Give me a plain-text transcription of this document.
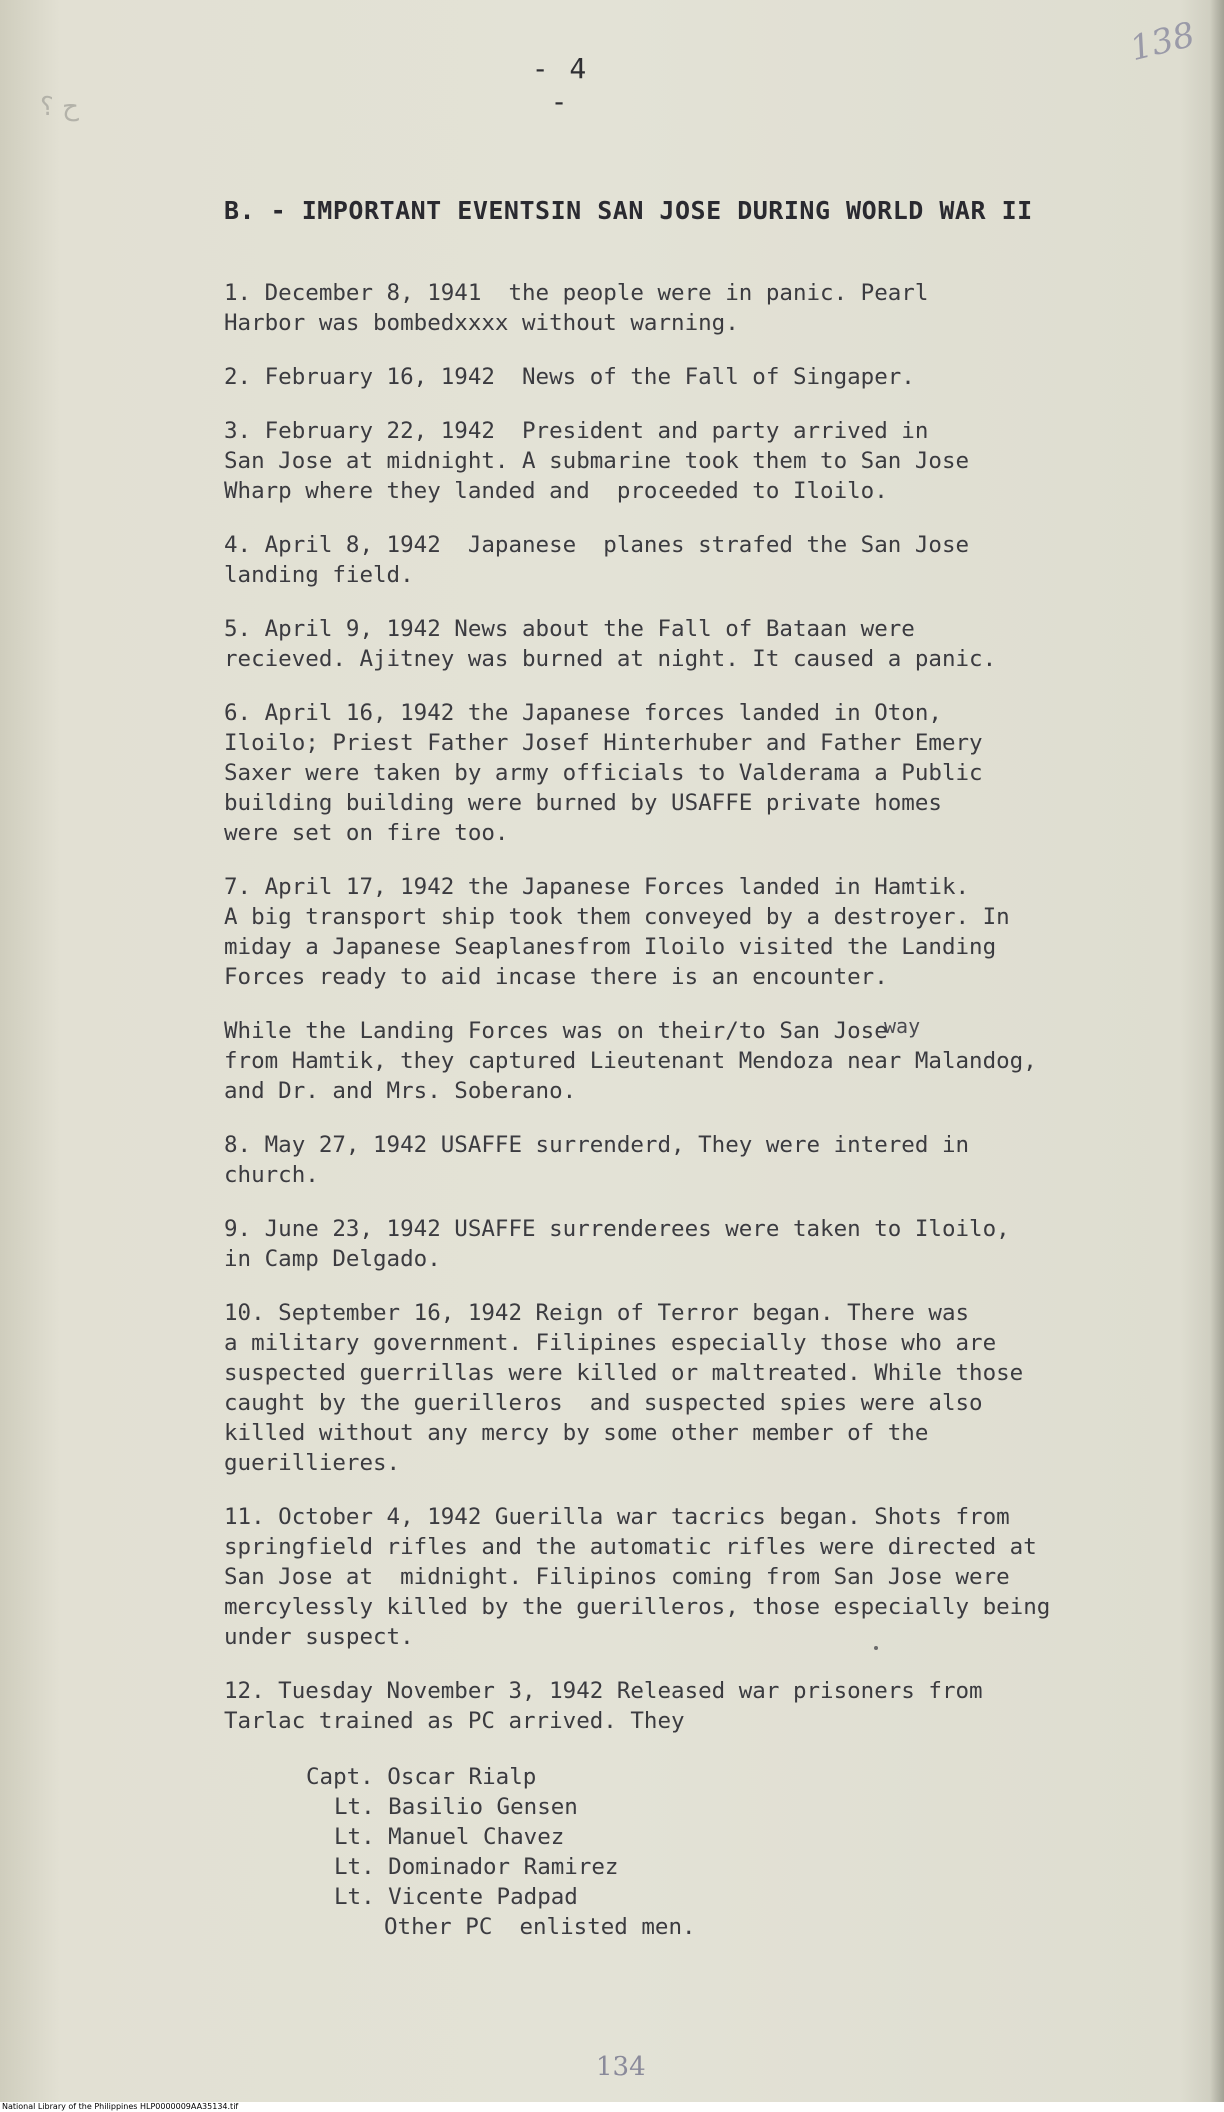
- 4 -
138
ح ؟
B. - IMPORTANT EVENTSIN SAN JOSE DURING WORLD WAR II
1. December 8, 1941  the people were in panic. Pearl
Harbor was bombedxxxx without warning.
2. February 16, 1942  News of the Fall of Singaper.
3. February 22, 1942  President and party arrived in
San Jose at midnight. A submarine took them to San Jose
Wharp where they landed and  proceeded to Iloilo.
4. April 8, 1942  Japanese  planes strafed the San Jose
landing field.
5. April 9, 1942 News about the Fall of Bataan were
recieved. Ajitney was burned at night. It caused a panic.
6. April 16, 1942 the Japanese forces landed in Oton,
Iloilo; Priest Father Josef Hinterhuber and Father Emery
Saxer were taken by army officials to Valderama a Public
building building were burned by USAFFE private homes
were set on fire too.
7. April 17, 1942 the Japanese Forces landed in Hamtik.
A big transport ship took them conveyed by a destroyer. In
miday a Japanese Seaplanesfrom Iloilo visited the Landing
Forces ready to aid incase there is an encounter.
way
While the Landing Forces was on their/to San Jose
from Hamtik, they captured Lieutenant Mendoza near Malandog,
and Dr. and Mrs. Soberano.
8. May 27, 1942 USAFFE surrenderd, They were intered in
church.
9. June 23, 1942 USAFFE surrenderees were taken to Iloilo,
in Camp Delgado.
10. September 16, 1942 Reign of Terror began. There was
a military government. Filipines especially those who are
suspected guerrillas were killed or maltreated. While those
caught by the guerilleros  and suspected spies were also
killed without any mercy by some other member of the
guerillieres.
11. October 4, 1942 Guerilla war tacrics began. Shots from
springfield rifles and the automatic rifles were directed at
San Jose at  midnight. Filipinos coming from San Jose were
mercylessly killed by the guerilleros, those especially being
under suspect.
12. Tuesday November 3, 1942 Released war prisoners from
Tarlac trained as PC arrived. They
Capt. Oscar Rialp
Lt. Basilio Gensen
Lt. Manuel Chavez
Lt. Dominador Ramirez
Lt. Vicente Padpad
Other PC  enlisted men.
134
National Library of the Philippines HLP0000009AA35134.tif
